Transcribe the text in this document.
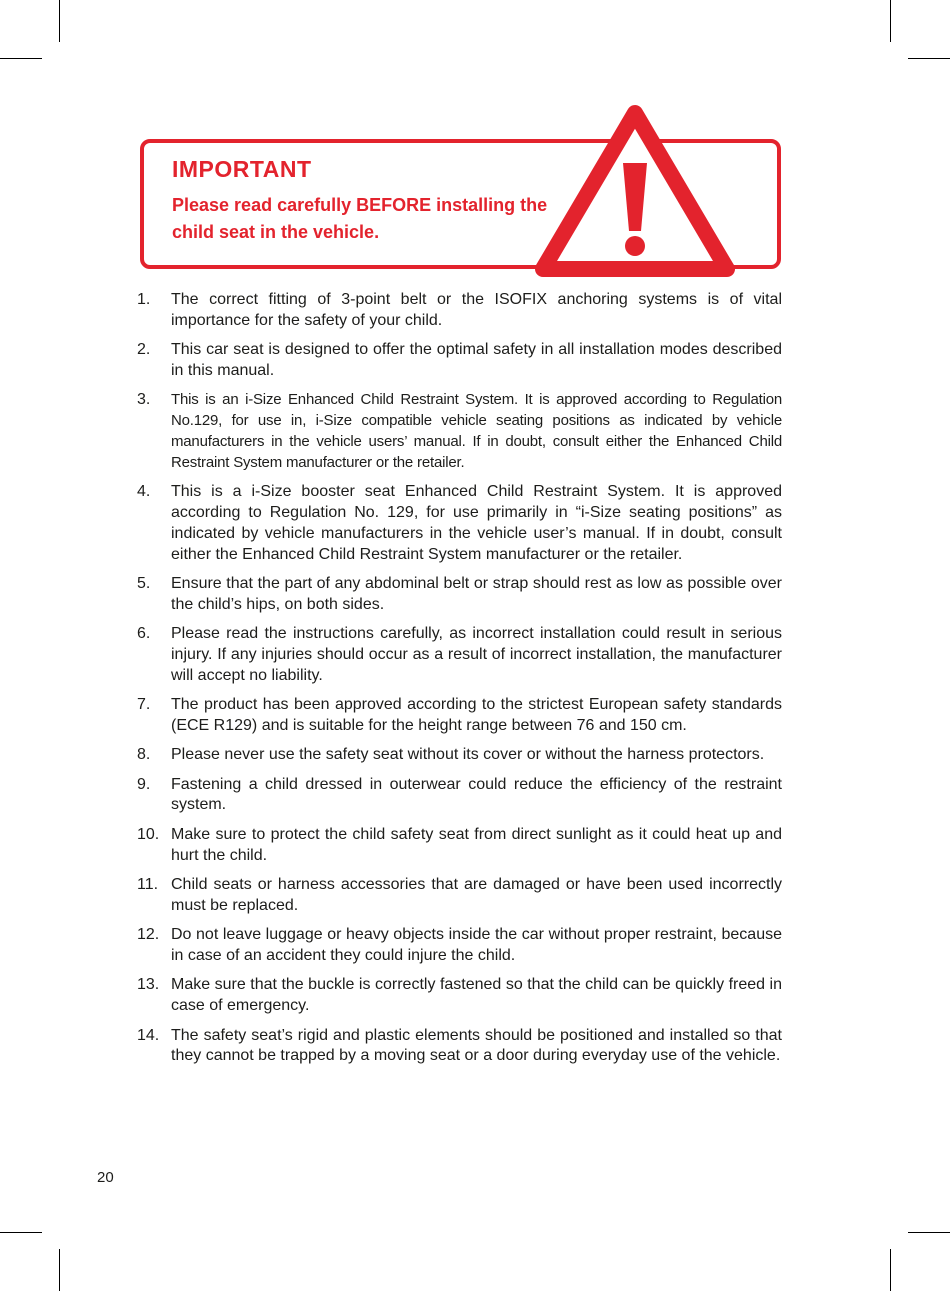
IMPORTANT
Please read carefully BEFORE installing the child seat in the vehicle.
1.	The correct fitting of 3-point belt or the ISOFIX anchoring systems is of vital importance for the safety of your child.
2.	This car seat is designed to offer the optimal safety in all installation modes described in this manual.
3.	This is an i-Size Enhanced Child Restraint System. It is approved according to Regulation No.129, for use in, i-Size compatible vehicle seating positions as indicated by vehicle manufacturers in the vehicle users’ manual. If in doubt, consult either the Enhanced Child Restraint System manufacturer or the retailer.
4.	This is a i-Size booster seat Enhanced Child Restraint System. It is approved according to Regulation No. 129, for use primarily in “i-Size seating positions” as indicated by vehicle manufacturers in the vehicle user’s manual. If in doubt, consult either the Enhanced Child Restraint System manufacturer or the retailer.
5.	Ensure that the part of any abdominal belt or strap should rest as low as possible over the child’s hips, on both sides.
6.	Please read the instructions carefully, as incorrect installation could result in serious injury. If any injuries should occur as a result of incorrect installation, the manufacturer will accept no liability.
7.	The product has been approved according to the strictest European safety standards (ECE R129) and is suitable for the height range between 76 and 150 cm.
8.	Please never use the safety seat without its cover or without the harness protectors.
9.	Fastening a child dressed in outerwear could reduce the efficiency of the restraint system.
10. Make sure to protect the child safety seat from direct sunlight as it could heat up and hurt the child.
11. Child seats or harness accessories that are damaged or have been used incorrectly must be replaced.
12. Do not leave luggage or heavy objects inside the car without proper restraint, because in case of an accident they could injure the child.
13. Make sure that the buckle is correctly fastened so that the child can be quickly freed in case of emergency.
14. The safety seat’s rigid and plastic elements should be positioned and installed so that they cannot be trapped by a moving seat or a door during everyday use of the vehicle.
20
